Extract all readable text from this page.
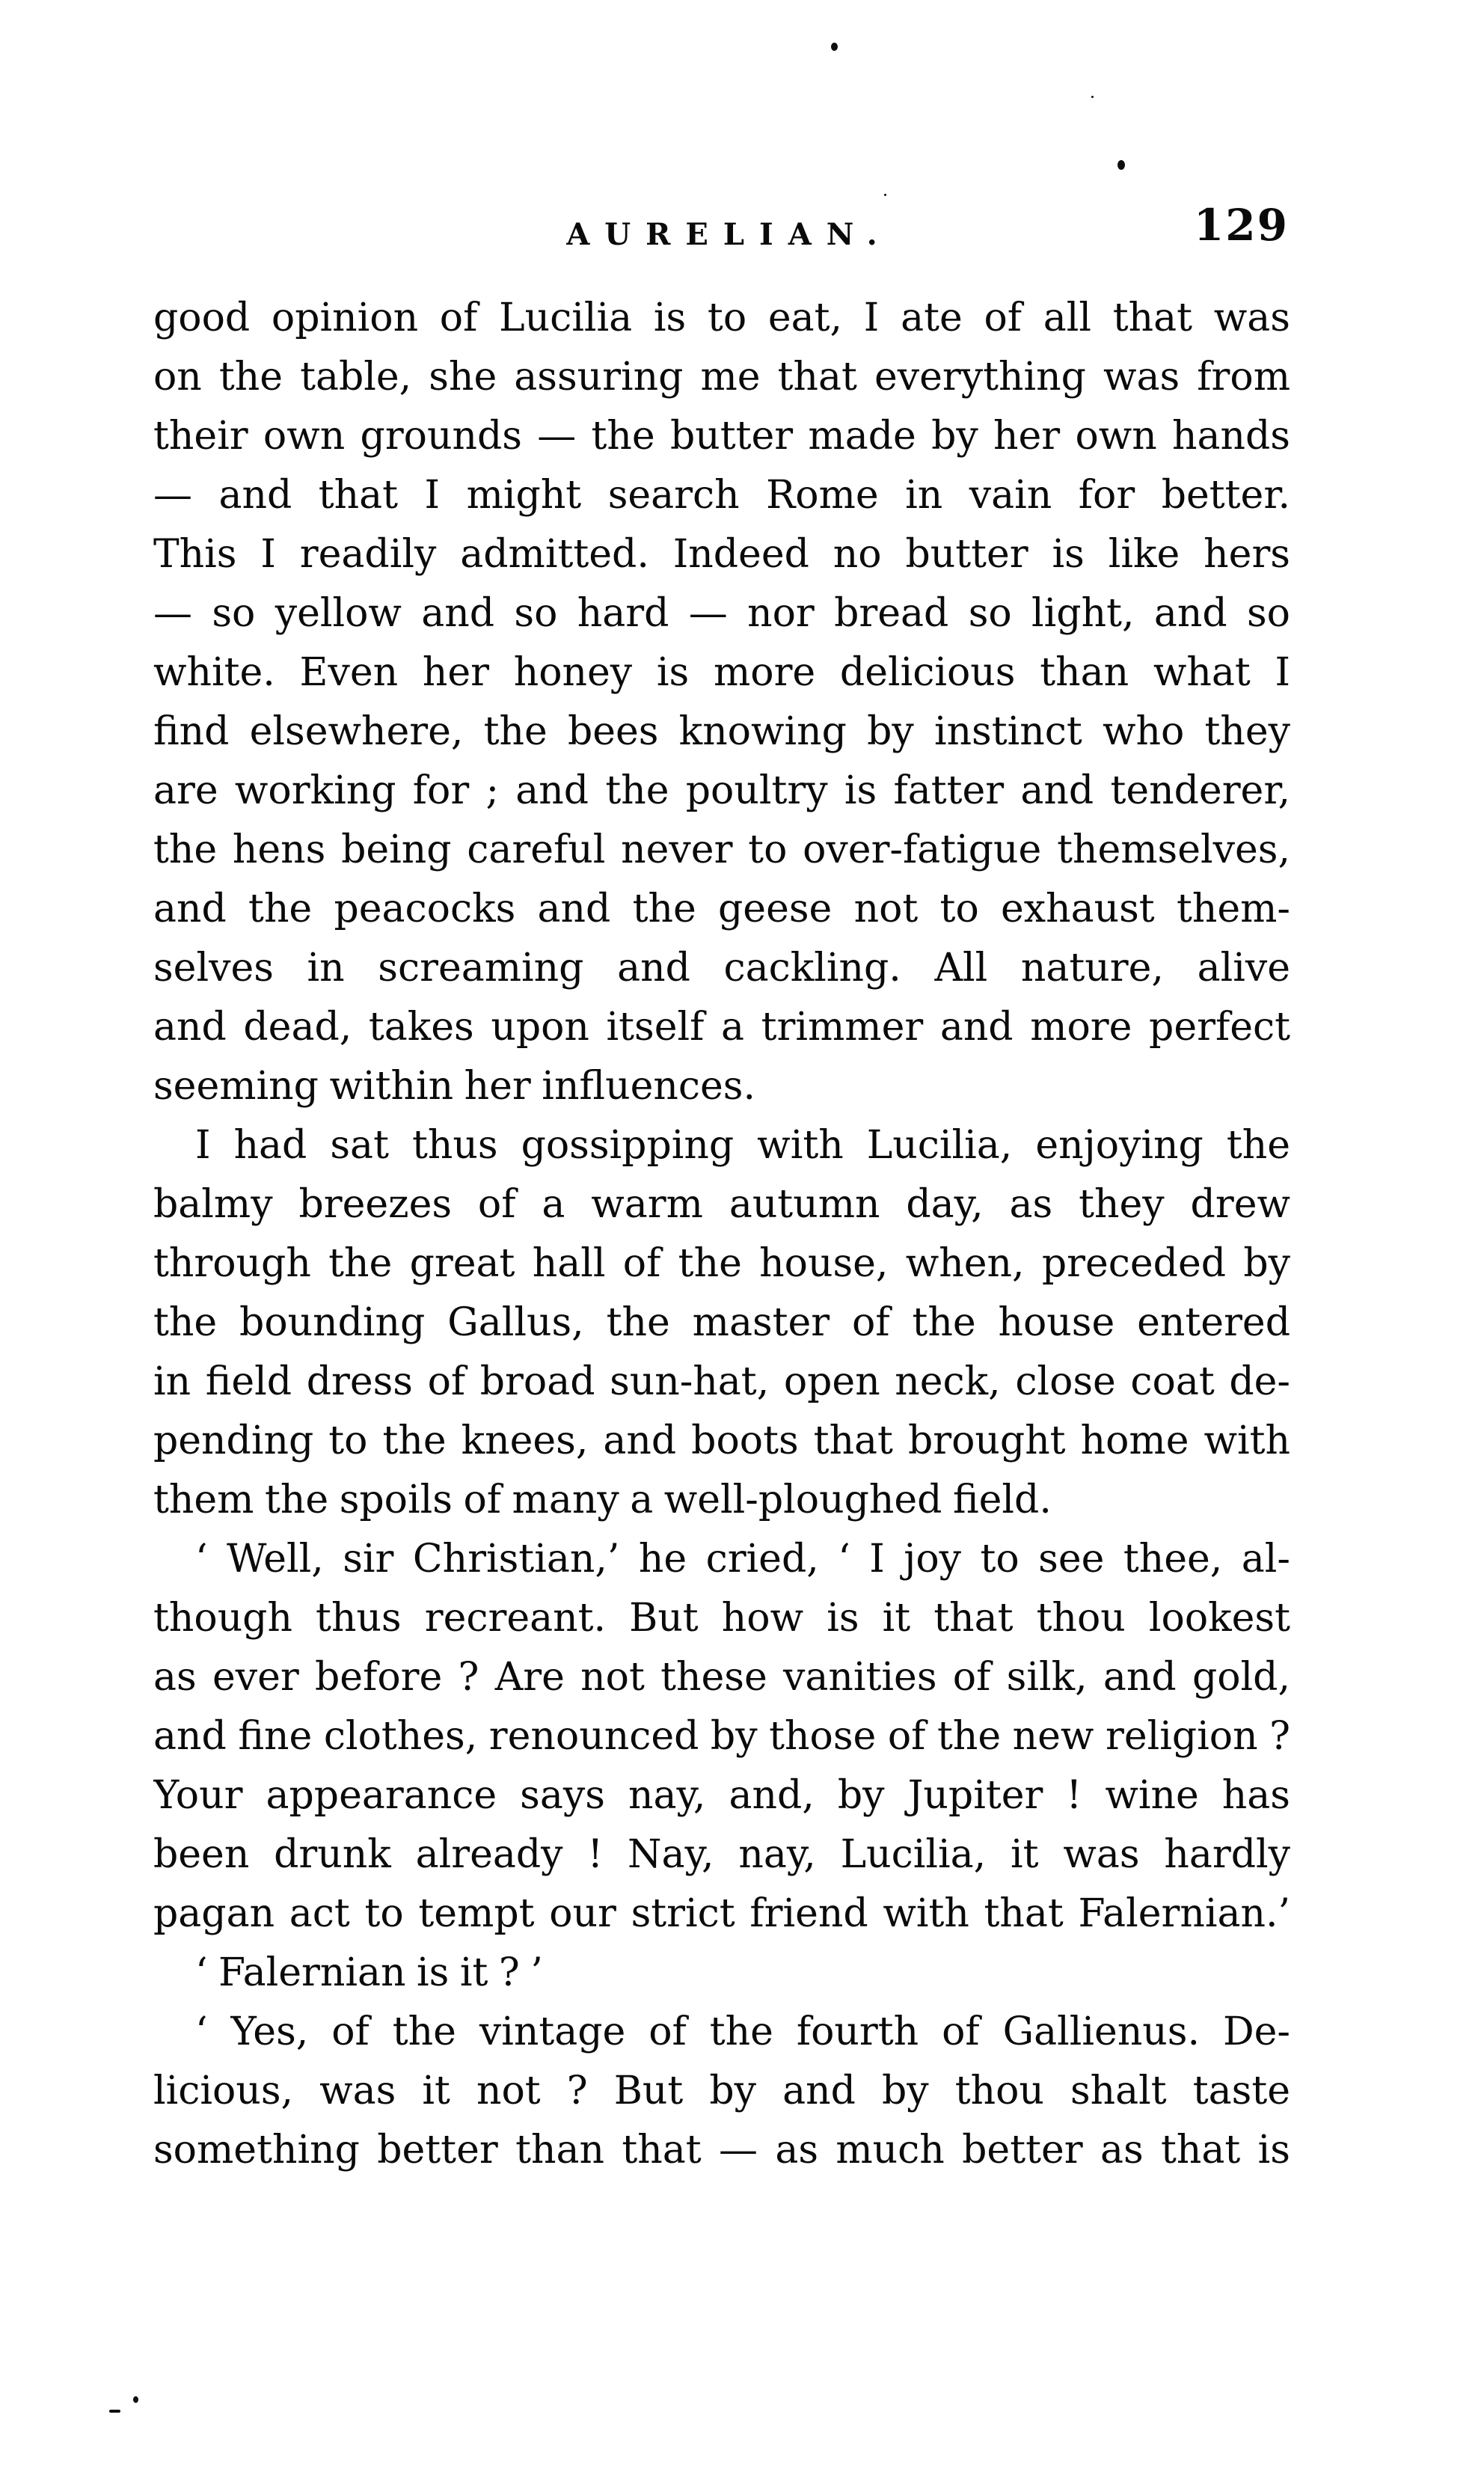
AURELIAN.	129
good opinion of Lucilia is to eat, I ate of all that was
on the table, she assuring me that everything was from
their own grounds — the butter made by her own hands
— and that I might search Rome in vain for better.
This I readily admitted. Indeed no butter is like hers
— so yellow and so hard — nor bread so light, and so
white. Even her honey is more delicious than what I
find elsewhere, the bees knowing by instinct who they
are working for ; and the poultry is fatter and tenderer,
the hens being careful never to over-fatigue themselves,
and the peacocks and the geese not to exhaust them-
selves in screaming and cackling. All nature, alive
and dead, takes upon itself a trimmer and more perfect
seeming within her influences.
I had sat thus gossipping with Lucilia, enjoying the
balmy breezes of a warm autumn day, as they drew
through the great hall of the house, when, preceded by
the bounding Gallus, the master of the house entered
in field dress of broad sun-hat, open neck, close coat de-
pending to the knees, and boots that brought home with
them the spoils of many a well-ploughed field.
‘ Well, sir Christian,’ he cried, ‘ I joy to see thee, al-
though thus recreant. But how is it that thou lookest
as ever before ? Are not these vanities of silk, and gold,
and fine clothes, renounced by those of the new religion ?
Your appearance says nay, and, by Jupiter ! wine has
been drunk already ! Nay, nay, Lucilia, it was hardly
pagan act to tempt our strict friend with that Falernian.’
‘ Falernian is it ? ’
‘ Yes, of the vintage of the fourth of Gallienus. De-
licious, was it not ? But by and by thou shalt taste
something better than that — as much better as that is
